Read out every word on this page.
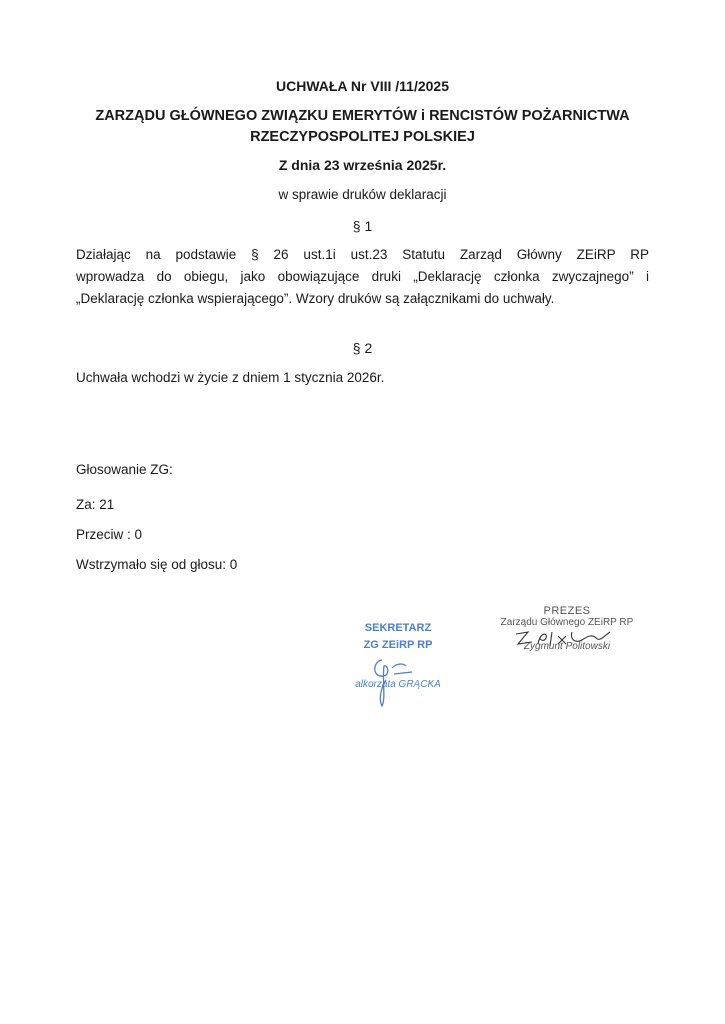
UCHWAŁA Nr VIII /11/2025
ZARZĄDU GŁÓWNEGO ZWIĄZKU EMERYTÓW i RENCISTÓW POŻARNICTWA
RZECZYPOSPOLITEJ POLSKIEJ
Z dnia 23 września 2025r.
w sprawie druków deklaracji
§ 1
Działając na podstawie § 26 ust.1i ust.23 Statutu Zarząd Główny ZEiRP RP
wprowadza do obiegu, jako obowiązujące druki „Deklarację członka zwyczajnego” i
„Deklarację członka wspierającego”. Wzory druków są załącznikami do uchwały.
§ 2
Uchwała wchodzi w życie z dniem 1 stycznia 2026r.
Głosowanie ZG:
Za: 21
Przeciw : 0
Wstrzymało się od głosu: 0
SEKRETARZ
ZG ZEiRP RP
alkorzata GRĄCKA
PREZES
Zarządu Głównego ZEiRP RP
Zygmunt Politowski
